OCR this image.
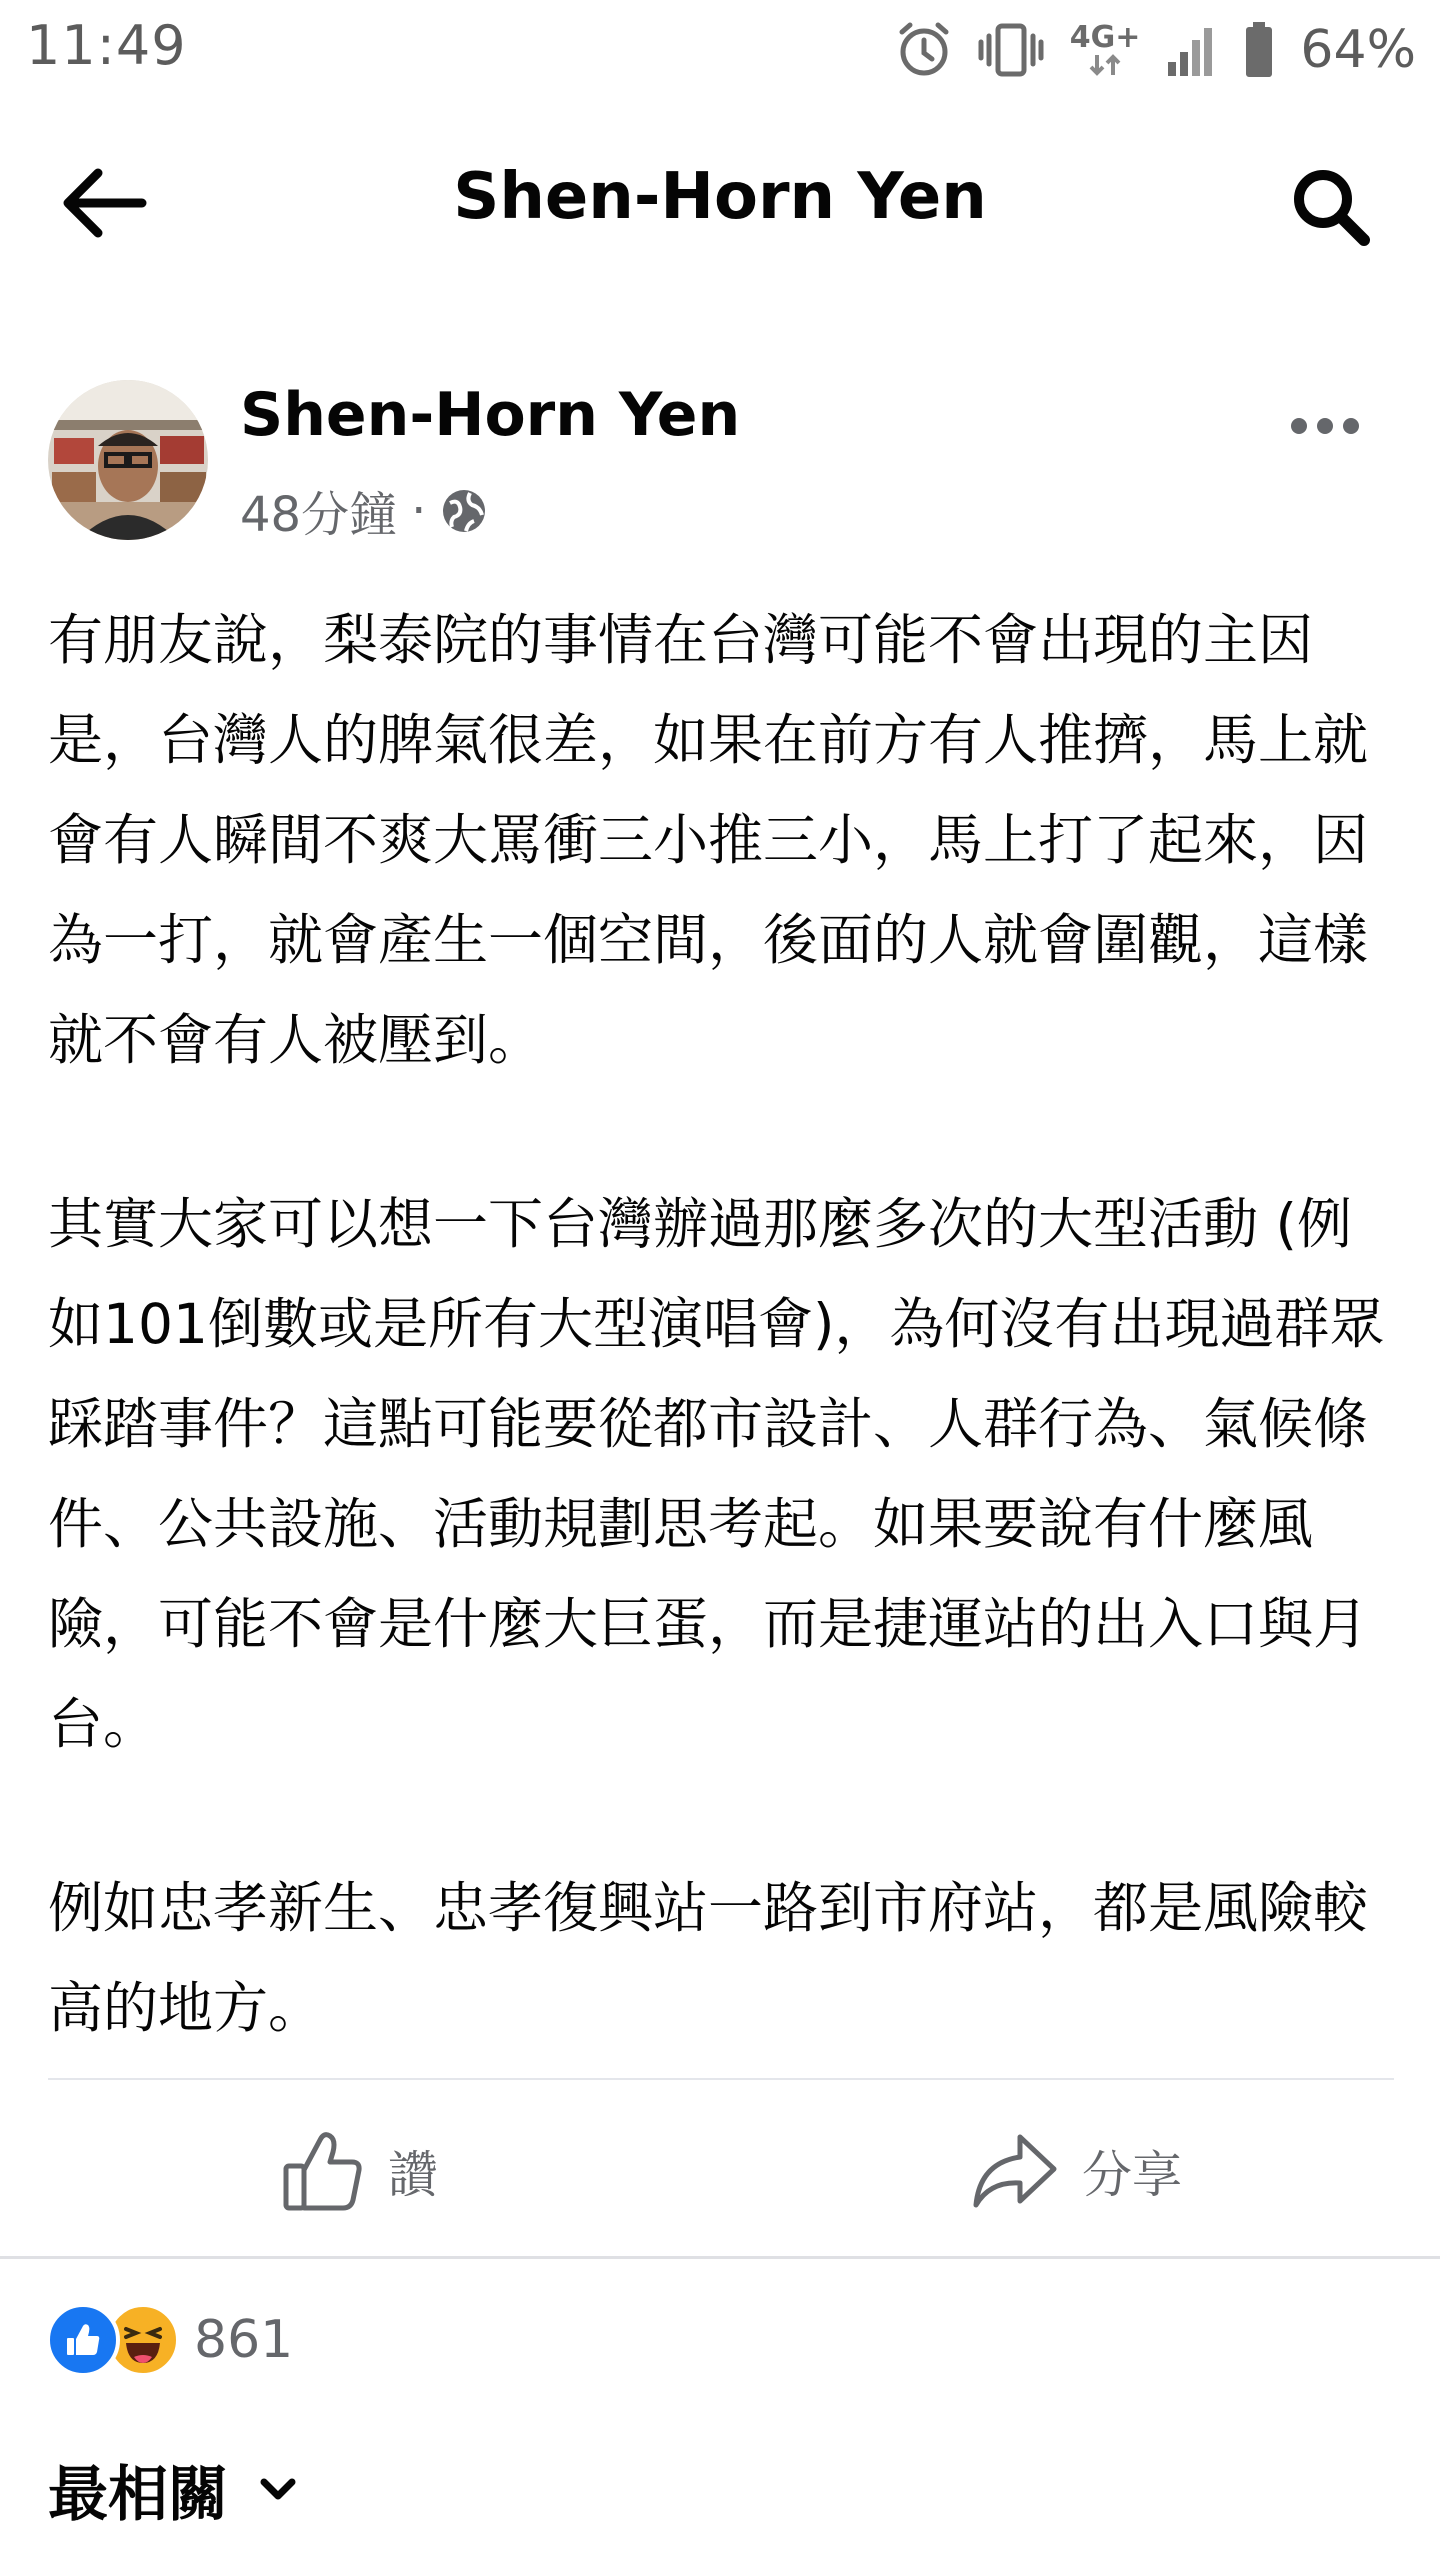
11:49	4G+	64%
Shen-Horn Yen
Shen-Horn Yen
48分鐘 ·

有朋友說，梨泰院的事情在台灣可能不會出現的主因是，台灣人的脾氣很差，如果在前方有人推擠，馬上就會有人瞬間不爽大罵衝三小推三小，馬上打了起來，因為一打，就會產生一個空間，後面的人就會圍觀，這樣就不會有人被壓到。

其實大家可以想一下台灣辦過那麼多次的大型活動 (例如101倒數或是所有大型演唱會)，為何沒有出現過群眾踩踏事件？這點可能要從都市設計、人群行為、氣候條件、公共設施、活動規劃思考起。如果要說有什麼風險，可能不會是什麼大巨蛋，而是捷運站的出入口與月台。

例如忠孝新生、忠孝復興站一路到市府站，都是風險較高的地方。

讚	分享
861
最相關
